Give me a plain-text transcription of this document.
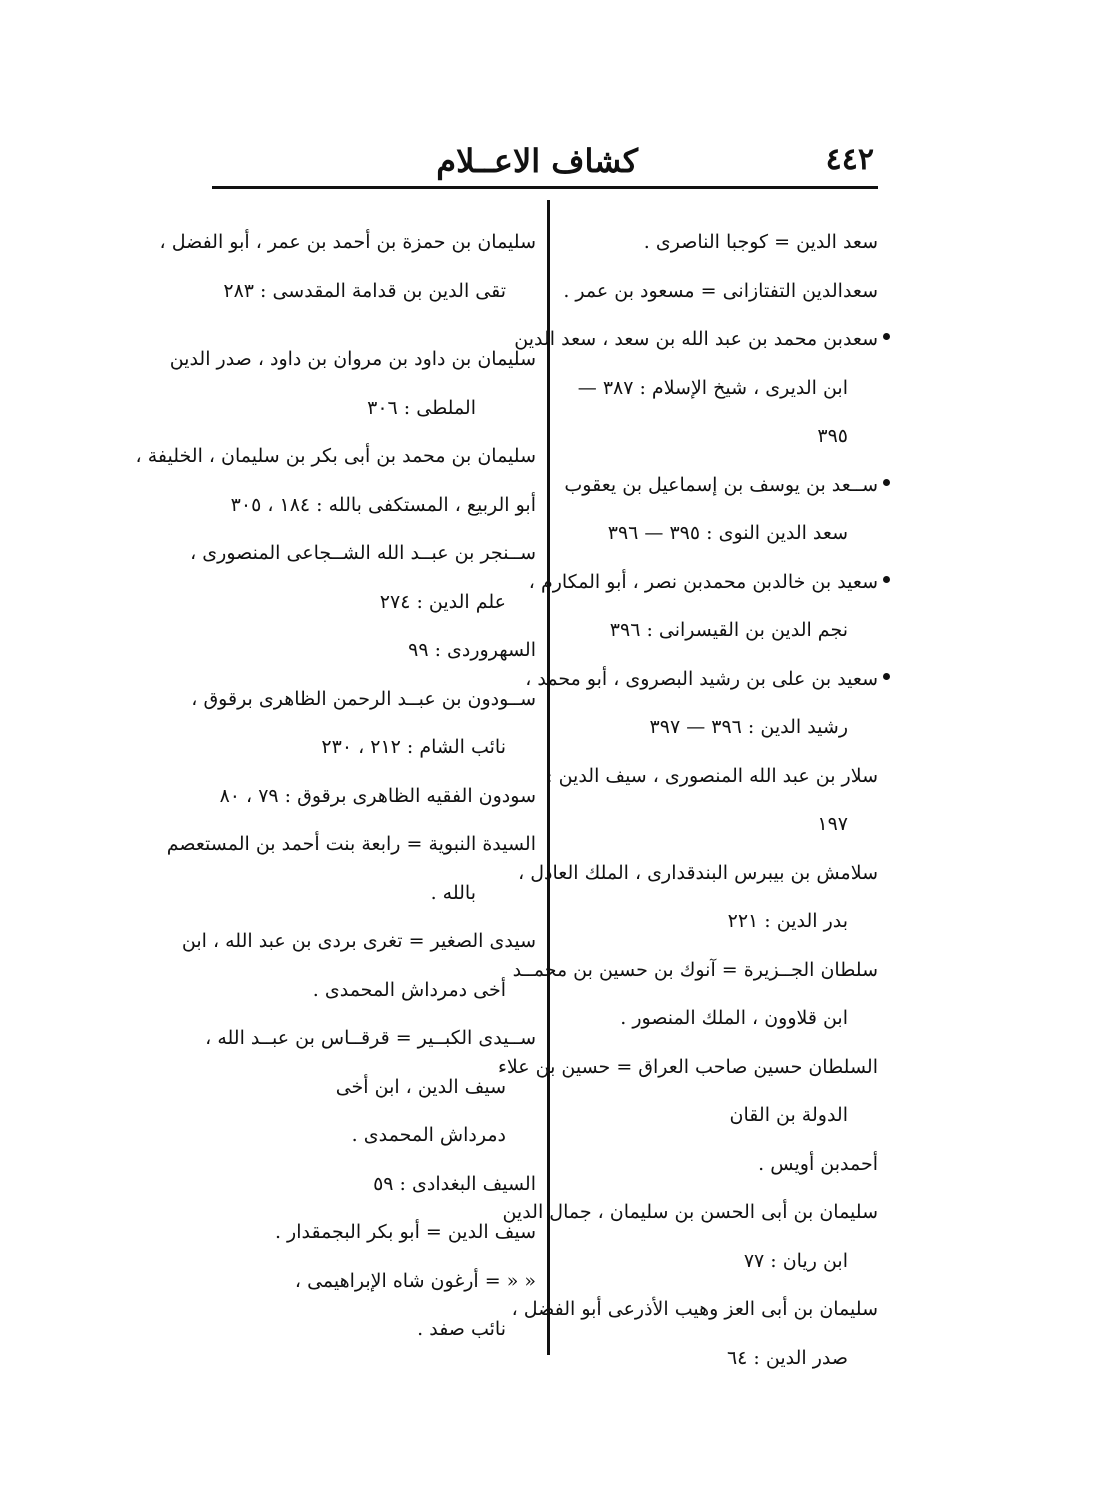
٤٤٢
كشاف الاعــلام
سعد الدين = كوجبا الناصرى .
سعدالدين التفتازانى = مسعود بن عمر .
سعدبن محمد بن عبد الله بن سعد ، سعد الدين
ابن الديرى ، شيخ الإسلام : ٣٨٧ —
٣٩٥
ســعد بن يوسف بن إسماعيل بن يعقوب
سعد الدين النوى : ٣٩٥ — ٣٩٦
سعيد بن خالدبن محمدبن نصر ، أبو المكارم ،
نجم الدين بن القيسرانى : ٣٩٦
سعيد بن على بن رشيد البصروى ، أبو محمد ،
رشيد الدين : ٣٩٦ — ٣٩٧
سلار بن عبد الله المنصورى ، سيف الدين :
١٩٧
سلامش بن بيبرس البندقدارى ، الملك العادل ،
بدر الدين : ٢٢١
سلطان الجــزيرة = آنوك بن حسين بن محمــد
ابن قلاوون ، الملك المنصور .
السلطان حسين صاحب العراق = حسين بن علاء
الدولة بن القان
أحمدبن أويس .
سليمان بن أبى الحسن بن سليمان ، جمال الدين
ابن ريان : ٧٧
سليمان بن أبى العز وهيب الأذرعى أبو الفضل ،
صدر الدين : ٦٤
سليمان بن حمزة بن أحمد بن عمر ، أبو الفضل ،
تقى الدين بن قدامة المقدسى : ٢٨٣
سليمان بن داود بن مروان بن داود ، صدر الدين
الملطى : ٣٠٦
سليمان بن محمد بن أبى بكر بن سليمان ، الخليفة ،
أبو الربيع ، المستكفى بالله : ١٨٤ ، ٣٠٥
ســنجر بن عبــد الله الشــجاعى المنصورى ،
علم الدين : ٢٧٤
السهروردى : ٩٩
ســودون بن عبــد الرحمن الظاهرى برقوق ،
نائب الشام : ٢١٢ ، ٢٣٠
سودون الفقيه الظاهرى برقوق : ٧٩ ، ٨٠
السيدة النبوية = رابعة بنت أحمد بن المستعصم
بالله .
سيدى الصغير = تغرى بردى بن عبد الله ، ابن
أخى دمرداش المحمدى .
ســيدى الكبــير = قرقــاس بن عبــد الله ،
سيف الدين ، ابن أخى
دمرداش المحمدى .
السيف البغدادى : ٥٩
سيف الدين = أبو بكر البجمقدار .
« « = أرغون شاه الإبراهيمى ،
نائب صفد .
